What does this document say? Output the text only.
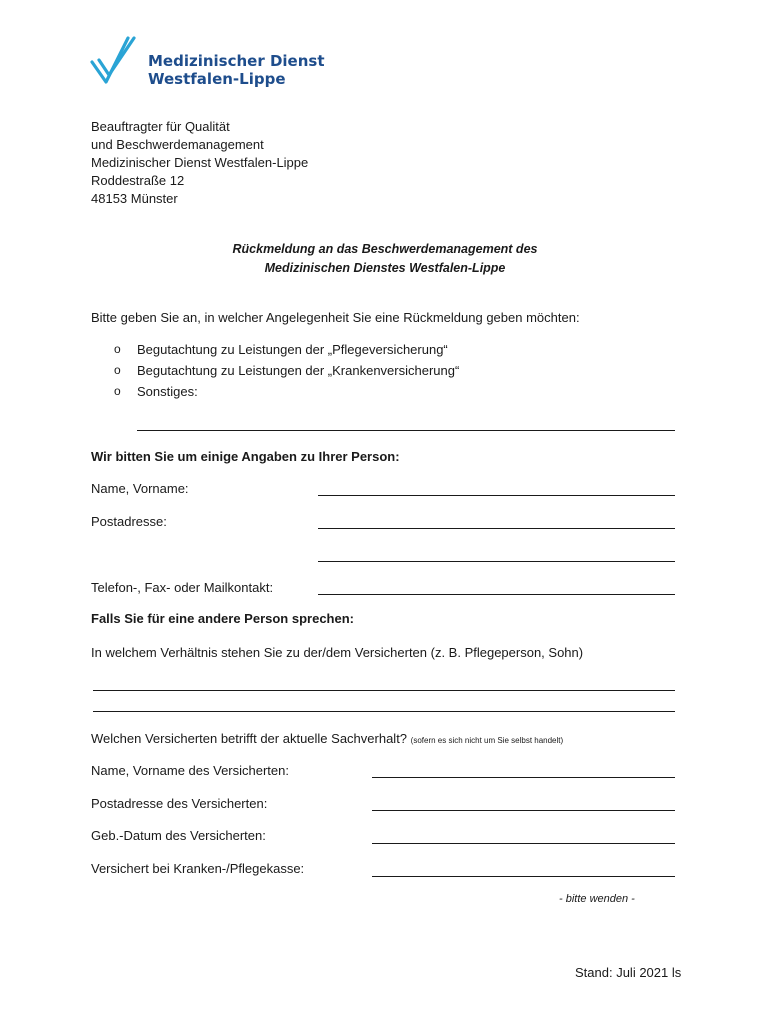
Medizinischer Dienst
Westfalen-Lippe
Beauftragter für Qualität
und Beschwerdemanagement
Medizinischer Dienst Westfalen-Lippe
Roddestraße 12
48153 Münster
Rückmeldung an das Beschwerdemanagement des
Medizinischen Dienstes Westfalen-Lippe
Bitte geben Sie an, in welcher Angelegenheit Sie eine Rückmeldung geben möchten:
o Begutachtung zu Leistungen der „Pflegeversicherung“
o Begutachtung zu Leistungen der „Krankenversicherung“
o Sonstiges:
Wir bitten Sie um einige Angaben zu Ihrer Person:
Name, Vorname:
Postadresse:
Telefon-, Fax- oder Mailkontakt:
Falls Sie für eine andere Person sprechen:
In welchem Verhältnis stehen Sie zu der/dem Versicherten (z. B. Pflegeperson, Sohn)
Welchen Versicherten betrifft der aktuelle Sachverhalt? (sofern es sich nicht um Sie selbst handelt)
Name, Vorname des Versicherten:
Postadresse des Versicherten:
Geb.-Datum des Versicherten:
Versichert bei Kranken-/Pflegekasse:
- bitte wenden -
Stand: Juli 2021 ls
